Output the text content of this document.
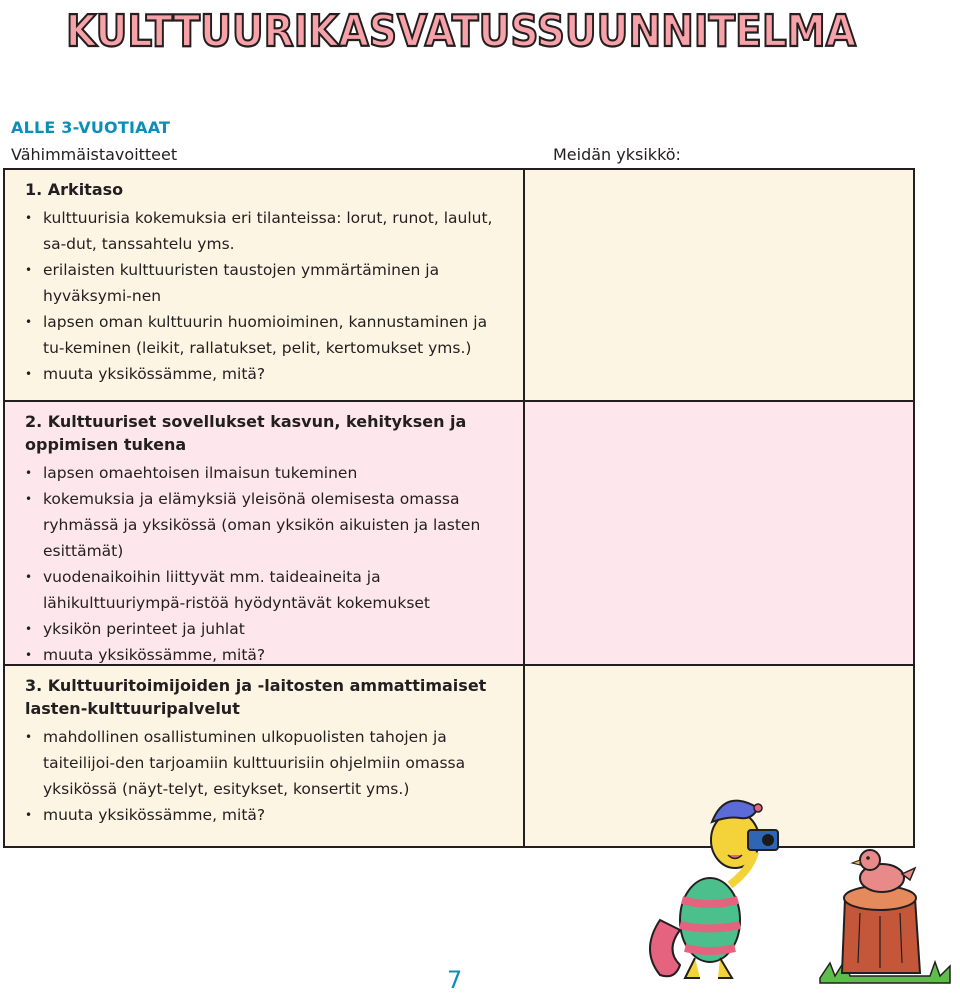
KULTTUURIKASVATUSSUUNNITELMA
ALLE 3-VUOTIAAT
Vähimmäistavoitteet	Meidän yksikkö:
1. Arkitaso
• kulttuurisia kokemuksia eri tilanteissa: lorut, runot, laulut, sa-dut, tanssahtelu yms.
• erilaisten kulttuuristen taustojen ymmärtäminen ja hyväksymi-nen
• lapsen oman kulttuurin huomioiminen, kannustaminen ja tu-keminen (leikit, rallatukset, pelit, kertomukset yms.)
• muuta yksikössämme, mitä?
2. Kulttuuriset sovellukset kasvun, kehityksen ja oppimisen tukena
• lapsen omaehtoisen ilmaisun tukeminen
• kokemuksia ja elämyksiä yleisönä olemisesta omassa ryhmässä ja yksikössä (oman yksikön aikuisten ja lasten esittämät)
• vuodenaikoihin liittyvät mm. taideaineita ja lähikulttuuriympä-ristöä hyödyntävät kokemukset
• yksikön perinteet ja juhlat
• muuta yksikössämme, mitä?
3. Kulttuuritoimijoiden ja -laitosten ammattimaiset lasten-kulttuuripalvelut
• mahdollinen osallistuminen ulkopuolisten tahojen ja taiteilijoi-den tarjoamiin kulttuurisiin ohjelmiin omassa yksikössä (näyt-telyt, esitykset, konsertit yms.)
• muuta yksikössämme, mitä?
7
